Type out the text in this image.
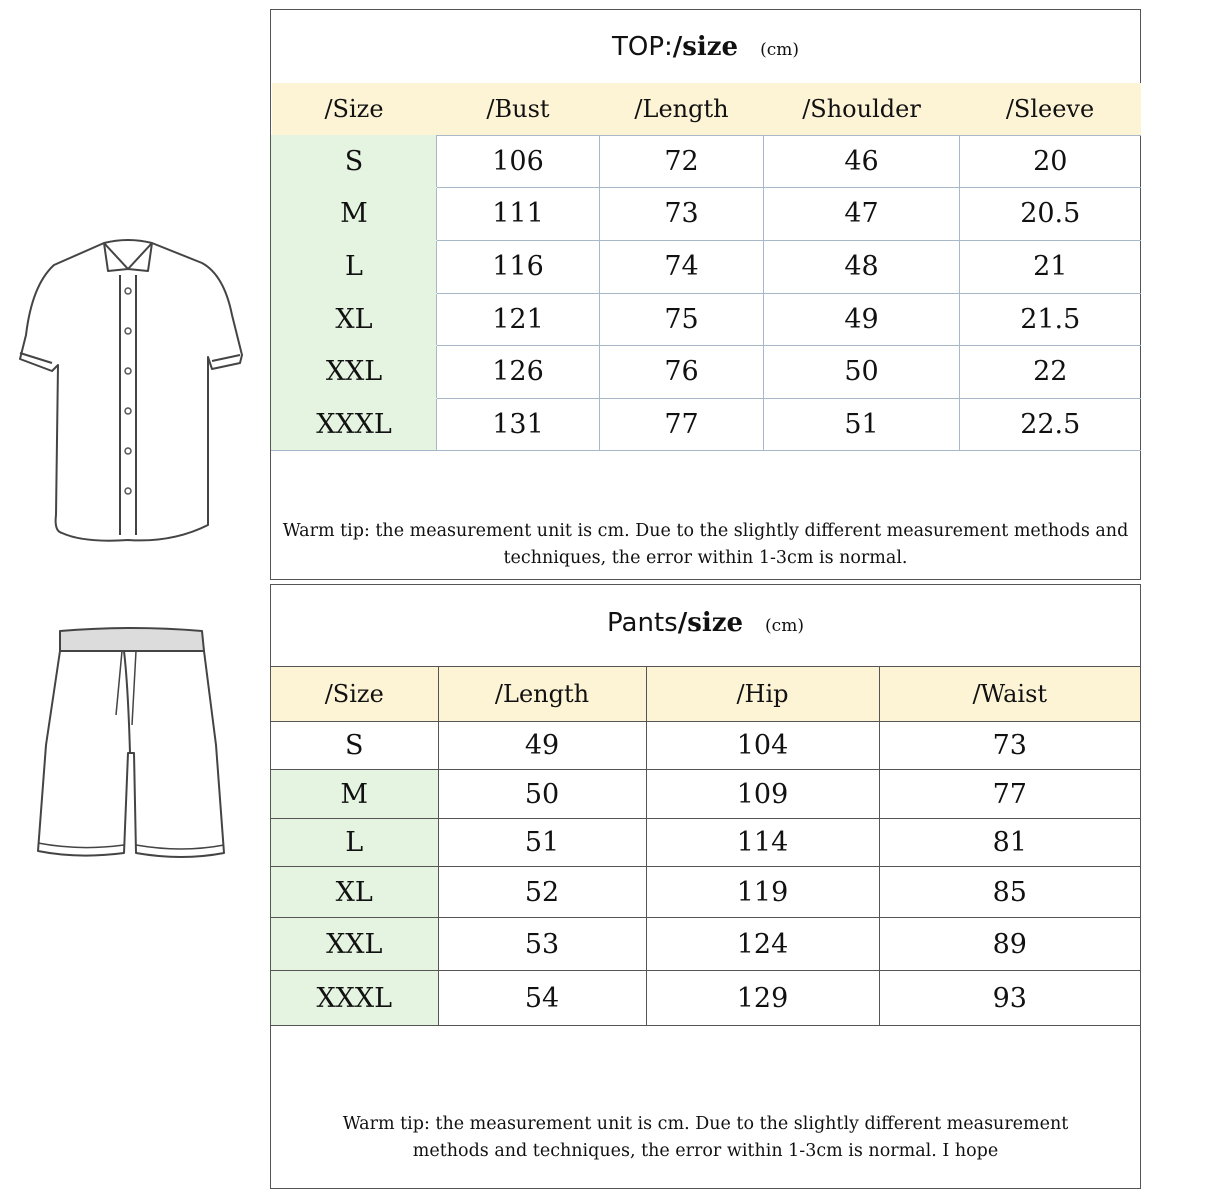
TOP:/size (cm)
/Size	/Bust	/Length	/Shoulder	/Sleeve
S	106	72	46	20
M	111	73	47	20.5
L	116	74	48	21
XL	121	75	49	21.5
XXL	126	76	50	22
XXXL	131	77	51	22.5
Warm tip: the measurement unit is cm. Due to the slightly different measurement methods and
techniques, the error within 1-3cm is normal.
Pants/size (cm)
/Size	/Length	/Hip	/Waist
S	49	104	73
M	50	109	77
L	51	114	81
XL	52	119	85
XXL	53	124	89
XXXL	54	129	93
Warm tip: the measurement unit is cm. Due to the slightly different measurement
methods and techniques, the error within 1-3cm is normal. I hope
